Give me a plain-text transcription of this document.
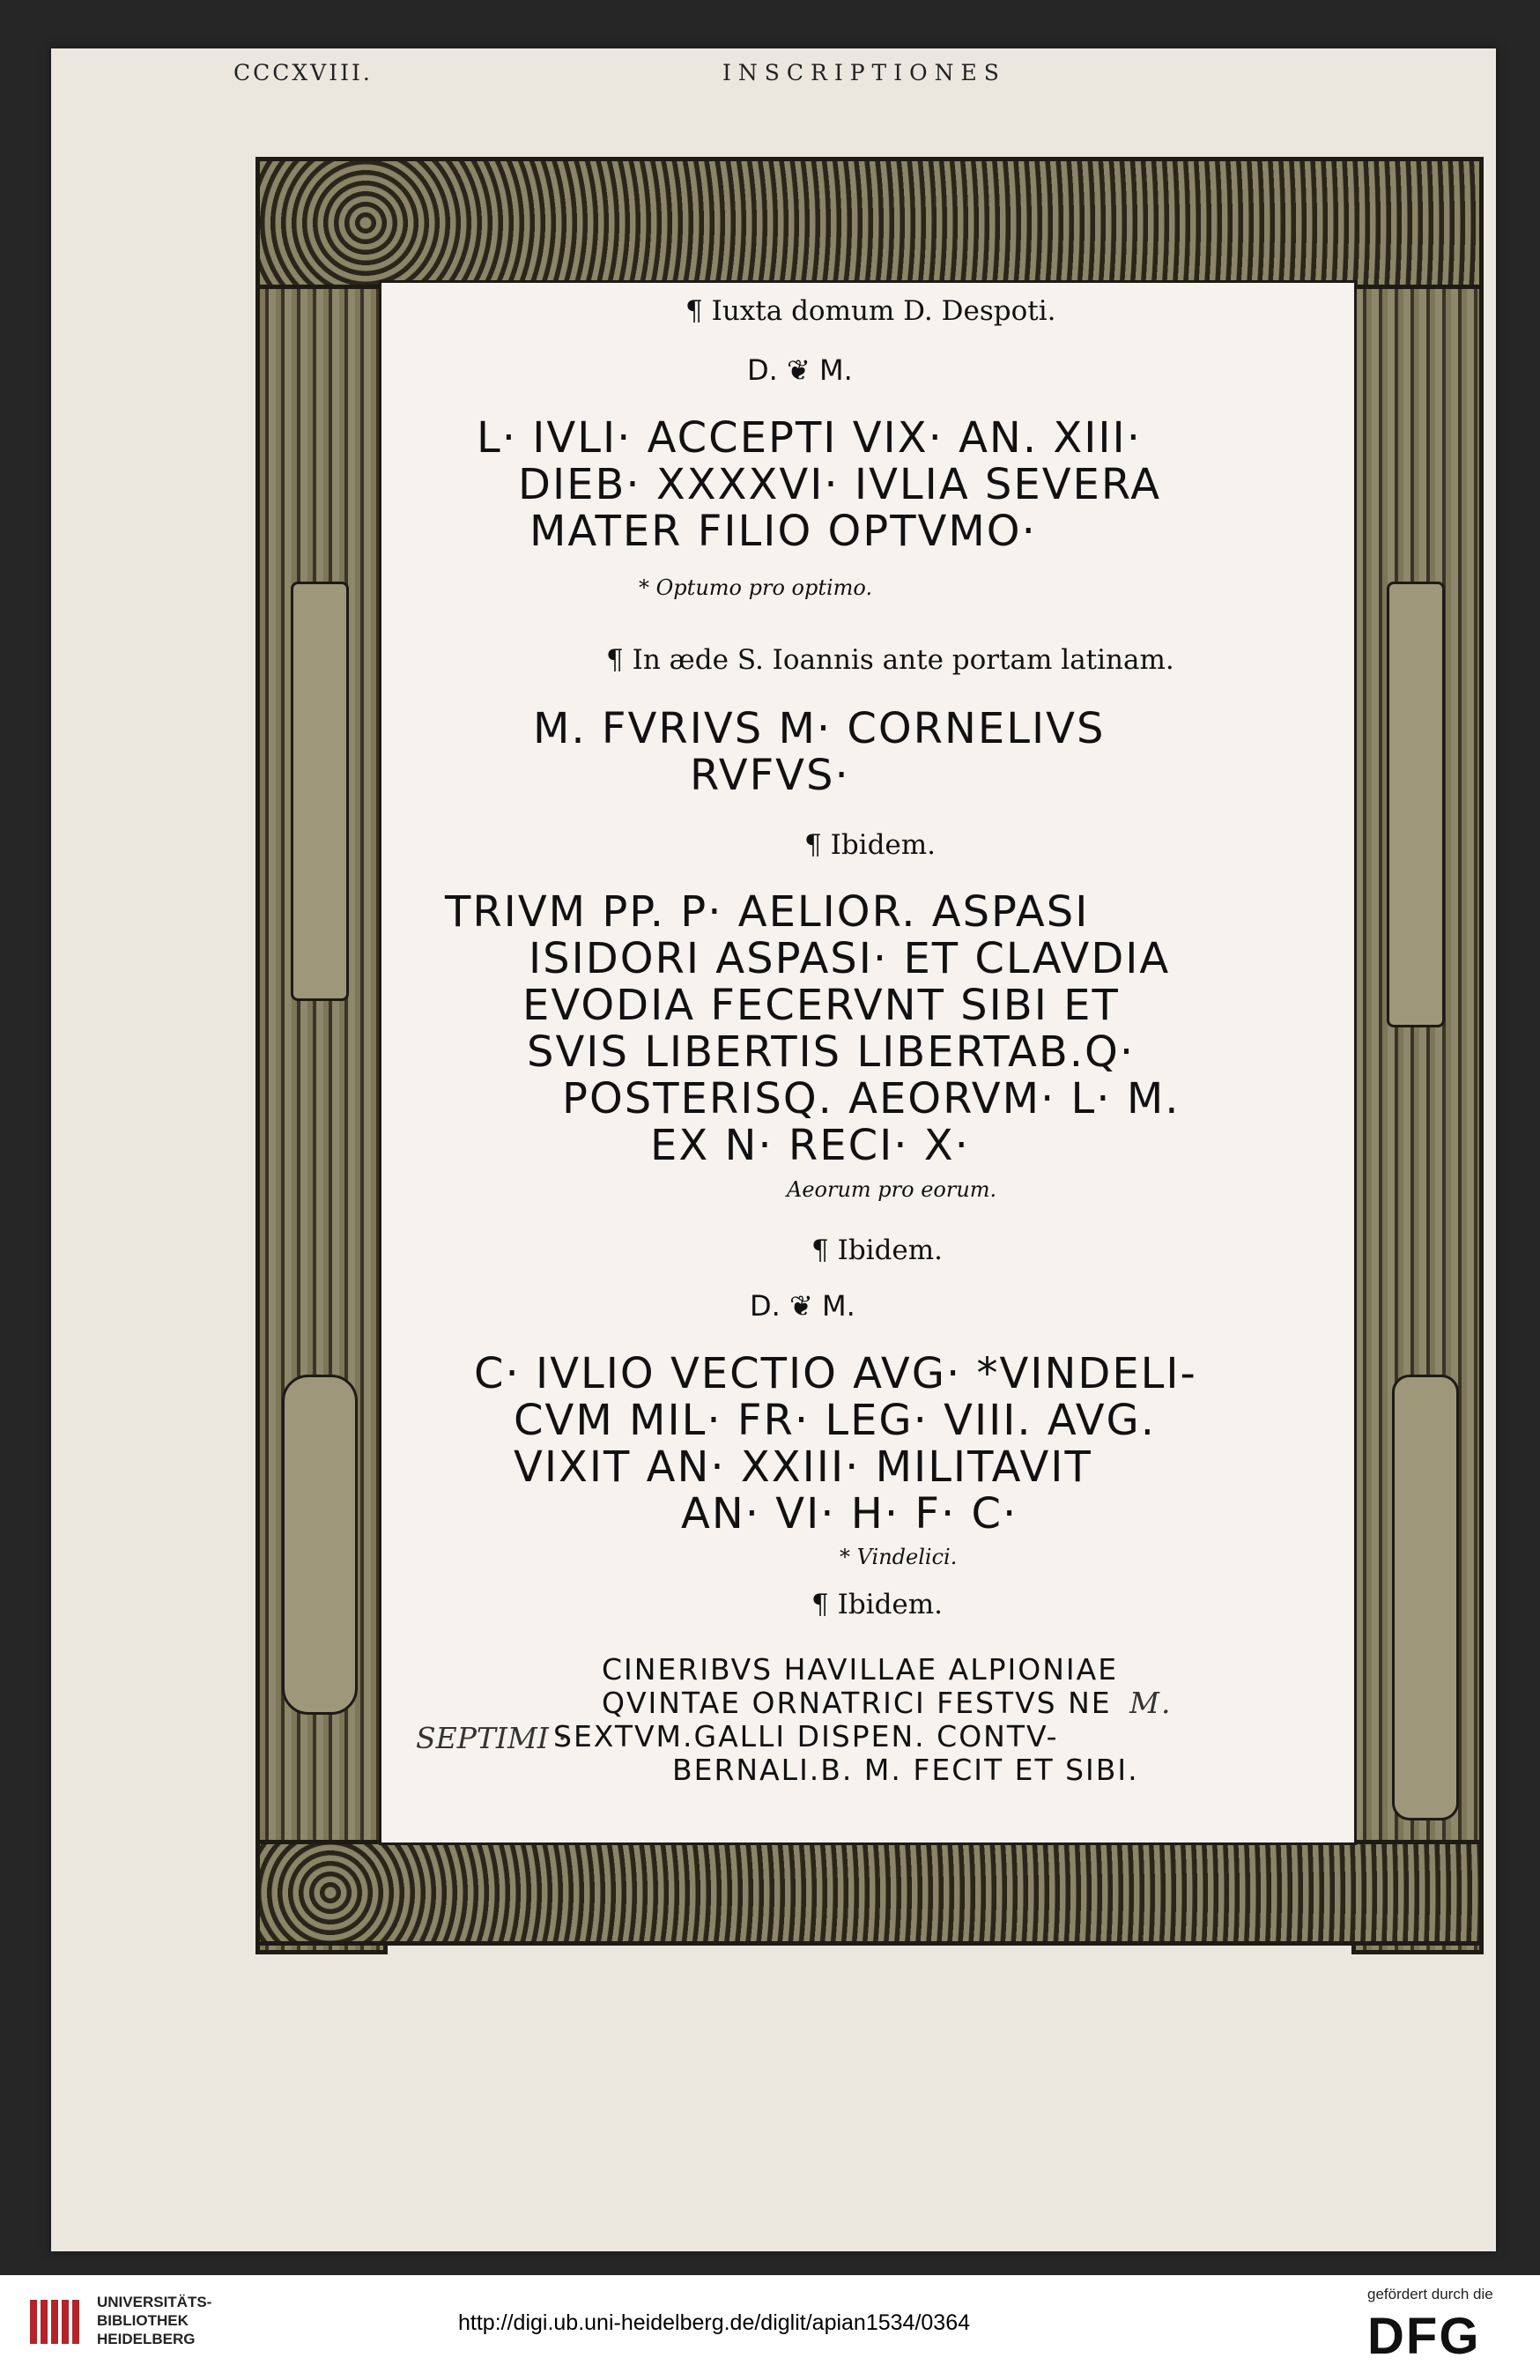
CCCXVIII.	INSCRIPTIONES
¶ Iuxta domum D. Despoti.
D. ❦ M.
L· IVLI· ACCEPTI VIX· AN. XIII·
DIEB· XXXXVI· IVLIA SEVERA
MATER FILIO OPTVMO·
* Optumo pro optimo.
¶ In æde S. Ioannis ante portam latinam.
M. FVRIVS M· CORNELIVS
RVFVS·
¶ Ibidem.
TRIVM PP. P· AELIOR. ASPASI
ISIDORI ASPASI· ET CLAVDIA
EVODIA FECERVNT SIBI ET
SVIS LIBERTIS LIBERTAB.Q·
POSTERISQ. AEORVM· L· M.
EX N· RECI· X·
Aeorum pro eorum.
¶ Ibidem.
D. ❦ M.
C· IVLIO VECTIO AVG· *VINDELI-
CVM MIL· FR· LEG· VIII. AVG.
VIXIT AN· XXIII· MILITAVIT
AN· VI· H· F· C·
* Vindelici.
¶ Ibidem.
CINERIBVS HAVILLAE ALPIONIAE
QVINTAE ORNATRICI FESTVS NE M.
SEXTVM.GALLI DISPEN. CONTV-
BERNALI.B. M. FECIT ET SIBI.
SEPTIMI ·
UNIVERSITÄTS-
BIBLIOTHEK
HEIDELBERG
http://digi.ub.uni-heidelberg.de/diglit/apian1534/0364
gefördert durch die
DFG
